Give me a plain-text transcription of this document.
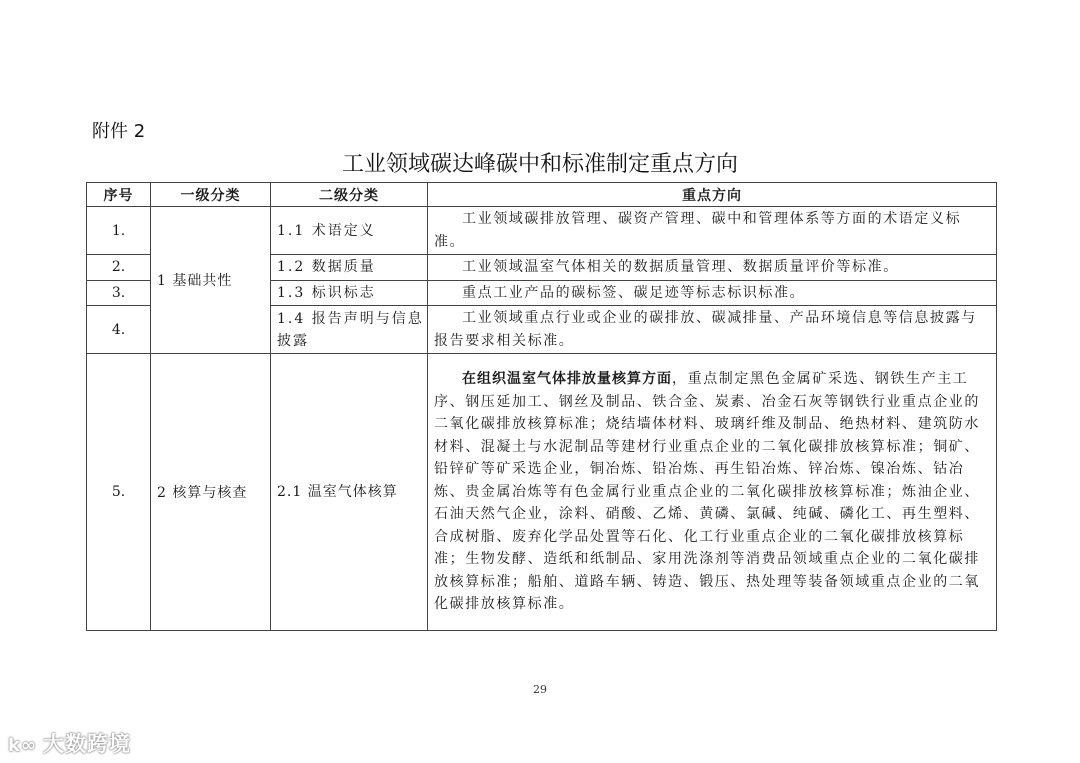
附件 2
工业领域碳达峰碳中和标准制定重点方向
序号	一级分类	二级分类	重点方向
1.	1 基础共性	1.1 术语定义	工业领域碳排放管理、碳资产管理、碳中和管理体系等方面的术语定义标准。
2.		1.2 数据质量	工业领域温室气体相关的数据质量管理、数据质量评价等标准。
3.		1.3 标识标志	重点工业产品的碳标签、碳足迹等标志标识标准。
4.		1.4 报告声明与信息披露	工业领域重点行业或企业的碳排放、碳减排量、产品环境信息等信息披露与报告要求相关标准。
5.	2 核算与核查	2.1 温室气体核算	在组织温室气体排放量核算方面，重点制定黑色金属矿采选、钢铁生产主工序、钢压延加工、钢丝及制品、铁合金、炭素、冶金石灰等钢铁行业重点企业的二氧化碳排放核算标准；烧结墙体材料、玻璃纤维及制品、绝热材料、建筑防水材料、混凝土与水泥制品等建材行业重点企业的二氧化碳排放核算标准；铜矿、铅锌矿等矿采选企业，铜冶炼、铅冶炼、再生铅冶炼、锌冶炼、镍冶炼、钴冶炼、贵金属冶炼等有色金属行业重点企业的二氧化碳排放核算标准；炼油企业、石油天然气企业，涂料、硝酸、乙烯、黄磷、氯碱、纯碱、磷化工、再生塑料、合成树脂、废弃化学品处置等石化、化工行业重点企业的二氧化碳排放核算标准；生物发酵、造纸和纸制品、家用洗涤剂等消费品领域重点企业的二氧化碳排放核算标准；船舶、道路车辆、铸造、锻压、热处理等装备领域重点企业的二氧化碳排放核算标准。
29
k∞ 大数跨境
